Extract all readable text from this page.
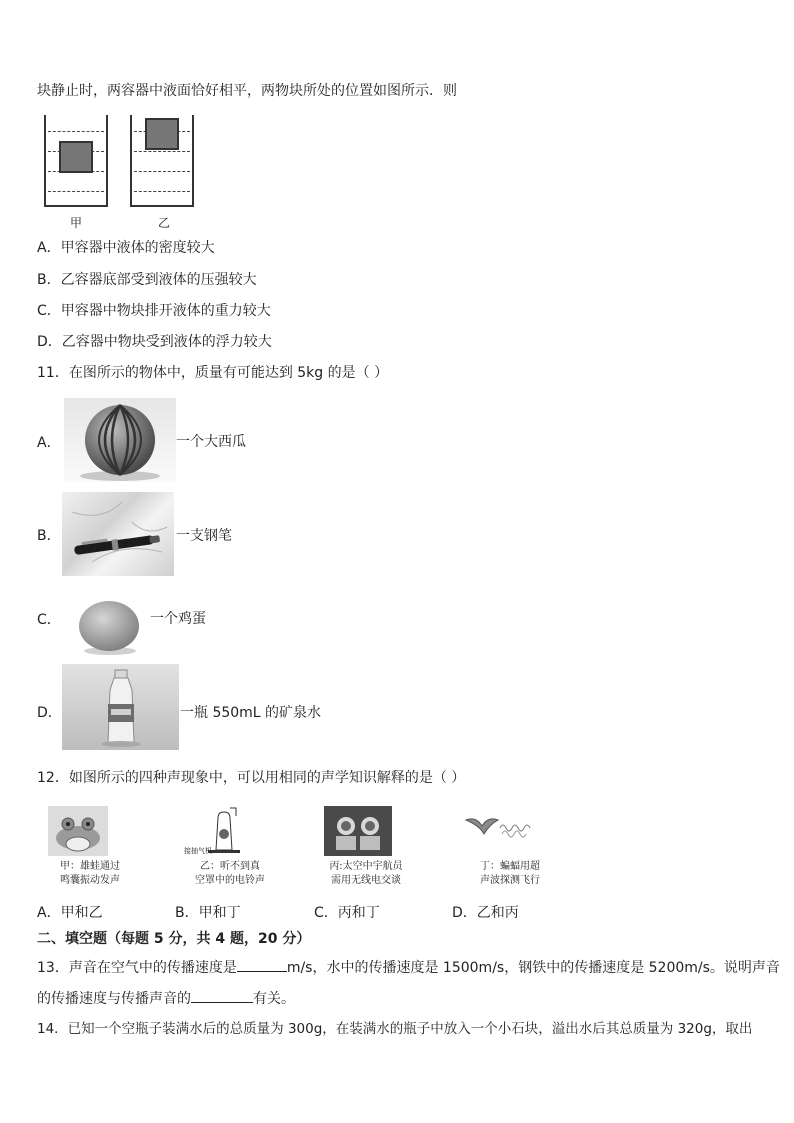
块静止时，两容器中液面恰好相平，两物块所处的位置如图所示．则
甲	乙
A．甲容器中液体的密度较大
B．乙容器底部受到液体的压强较大
C．甲容器中物块排开液体的重力较大
D．乙容器中物块受到液体的浮力较大
11．在图所示的物体中，质量有可能达到 5kg 的是（ ）
A．	一个大西瓜
B．	一支钢笔
C．	一个鸡蛋
D．	一瓶 550mL 的矿泉水
12．如图所示的四种声现象中，可以用相同的声学知识解释的是（ ）
甲：雄蛙通过
鸣囊振动发声
接抽气机
乙：听不到真
空罩中的电铃声
丙:太空中宇航员
需用无线电交谈
丁：蝙蝠用超
声波探测飞行
A．甲和乙	B．甲和丁	C．丙和丁	D．乙和丙
二、填空题（每题 5 分，共 4 题，20 分）
13．声音在空气中的传播速度是	m/s，水中的传播速度是 1500m/s，钢铁中的传播速度是 5200m/s。说明声音
的传播速度与传播声音的	有关。
14．已知一个空瓶子装满水后的总质量为 300g，在装满水的瓶子中放入一个小石块，溢出水后其总质量为 320g，取出
